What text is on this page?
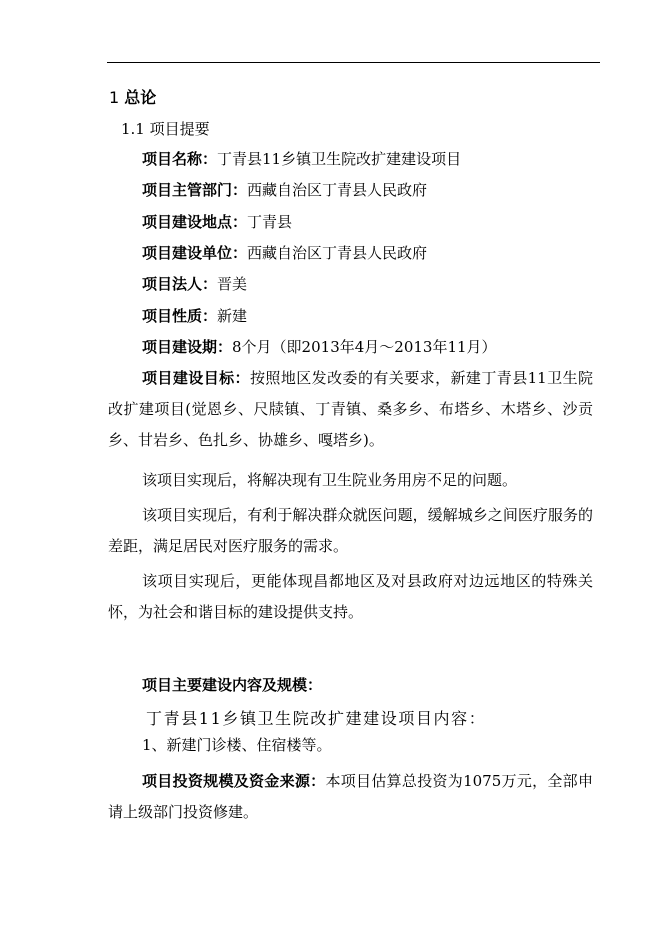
1 总论
1.1 项目提要
项目名称：丁青县11乡镇卫生院改扩建建设项目
项目主管部门：西藏自治区丁青县人民政府
项目建设地点：丁青县
项目建设单位：西藏自治区丁青县人民政府
项目法人：晋美
项目性质：新建
项目建设期：8个月（即2013年4月～2013年11月）
项目建设目标：按照地区发改委的有关要求，新建丁青县11卫生院改扩建项目(觉恩乡、尺牍镇、丁青镇、桑多乡、布塔乡、木塔乡、沙贡乡、甘岩乡、色扎乡、协雄乡、嘎塔乡)。
该项目实现后，将解决现有卫生院业务用房不足的问题。
该项目实现后，有利于解决群众就医问题，缓解城乡之间医疗服务的差距，满足居民对医疗服务的需求。
该项目实现后，更能体现昌都地区及对县政府对边远地区的特殊关怀，为社会和谐目标的建设提供支持。
项目主要建设内容及规模：
丁青县11乡镇卫生院改扩建建设项目内容：
1、新建门诊楼、住宿楼等。
项目投资规模及资金来源：本项目估算总投资为1075万元，全部申请上级部门投资修建。
